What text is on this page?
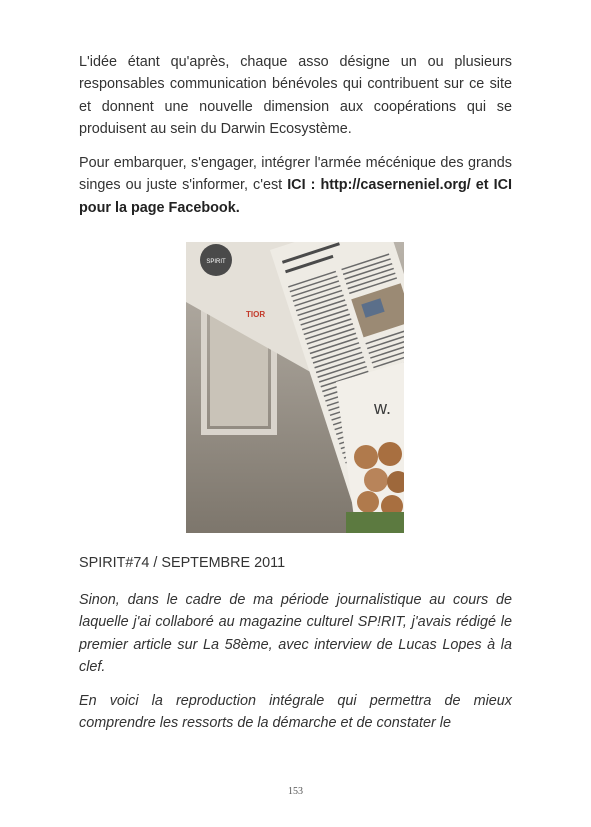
L'idée étant qu'après, chaque asso désigne un ou plusieurs responsables communication bénévoles qui contribuent sur ce site et donnent une nouvelle dimension aux coopérations qui se produisent au sein du Darwin Ecosystème.

Pour embarquer, s'engager, intégrer l'armée mécénique des grands singes ou juste s'informer, c'est ICI : http://caserneniel.org/ et ICI pour la page Facebook.

SPIRIT
TIOR
w.

SPIRIT#74 / SEPTEMBRE 2011

Sinon, dans le cadre de ma période journalistique au cours de laquelle j'ai collaboré au magazine culturel SP!RIT, j'avais rédigé le premier article sur La 58ème, avec interview de Lucas Lopes à la clef.

En voici la reproduction intégrale qui permettra de mieux comprendre les ressorts de la démarche et de constater le

153
